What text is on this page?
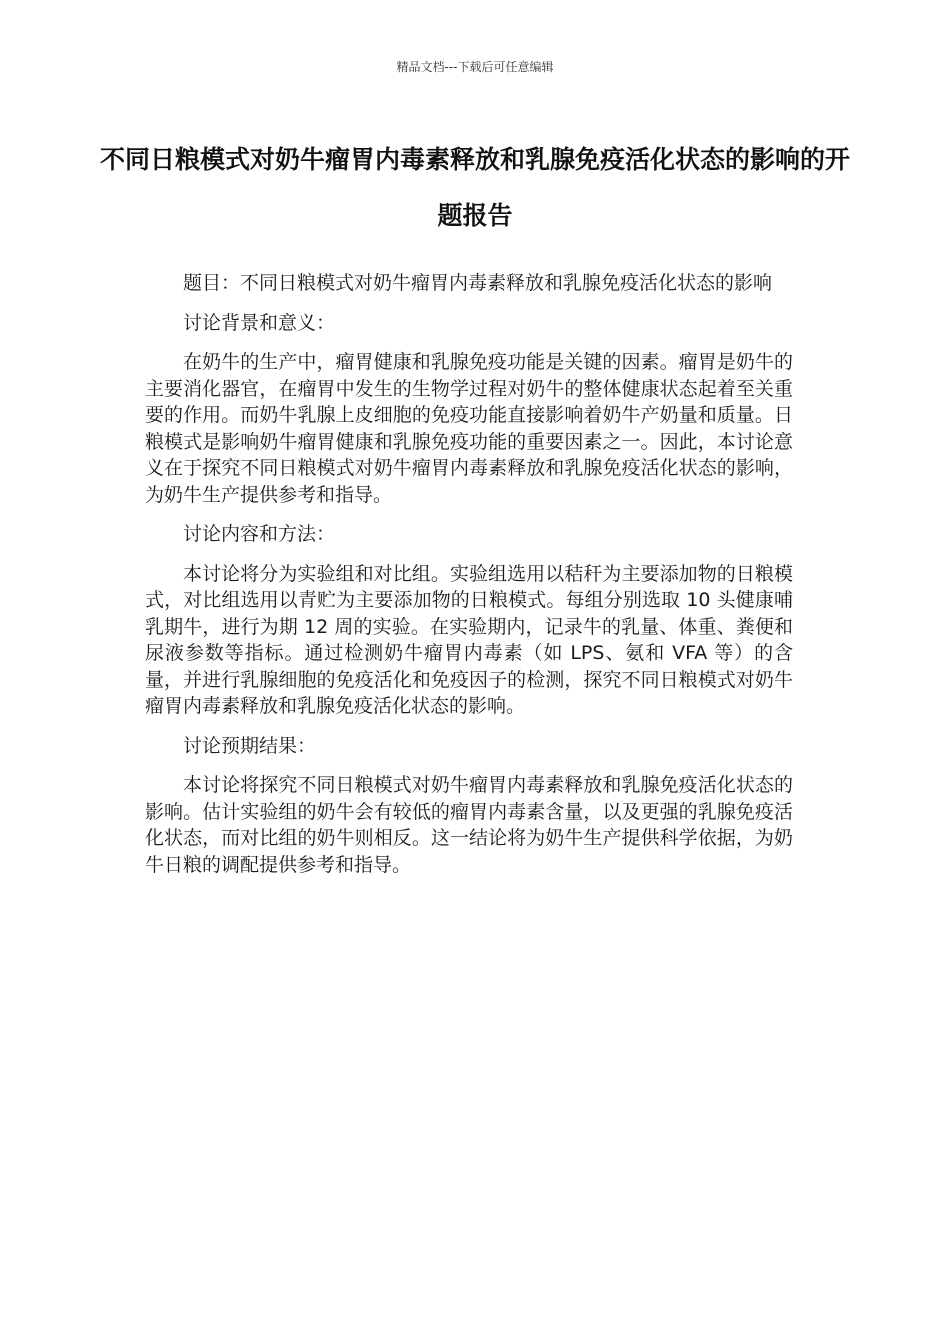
精品文档---下载后可任意编辑
不同日粮模式对奶牛瘤胃内毒素释放和乳腺免疫活化状态的影响的开题报告

题目：不同日粮模式对奶牛瘤胃内毒素释放和乳腺免疫活化状态的影响

讨论背景和意义：

在奶牛的生产中，瘤胃健康和乳腺免疫功能是关键的因素。瘤胃是奶牛的主要消化器官，在瘤胃中发生的生物学过程对奶牛的整体健康状态起着至关重要的作用。而奶牛乳腺上皮细胞的免疫功能直接影响着奶牛产奶量和质量。日粮模式是影响奶牛瘤胃健康和乳腺免疫功能的重要因素之一。因此，本讨论意义在于探究不同日粮模式对奶牛瘤胃内毒素释放和乳腺免疫活化状态的影响，为奶牛生产提供参考和指导。

讨论内容和方法：

本讨论将分为实验组和对比组。实验组选用以秸秆为主要添加物的日粮模式，对比组选用以青贮为主要添加物的日粮模式。每组分别选取 10 头健康哺乳期牛，进行为期 12 周的实验。在实验期内，记录牛的乳量、体重、粪便和尿液参数等指标。通过检测奶牛瘤胃内毒素（如 LPS、氨和 VFA 等）的含量，并进行乳腺细胞的免疫活化和免疫因子的检测，探究不同日粮模式对奶牛瘤胃内毒素释放和乳腺免疫活化状态的影响。

讨论预期结果：

本讨论将探究不同日粮模式对奶牛瘤胃内毒素释放和乳腺免疫活化状态的影响。估计实验组的奶牛会有较低的瘤胃内毒素含量，以及更强的乳腺免疫活化状态，而对比组的奶牛则相反。这一结论将为奶牛生产提供科学依据，为奶牛日粮的调配提供参考和指导。
